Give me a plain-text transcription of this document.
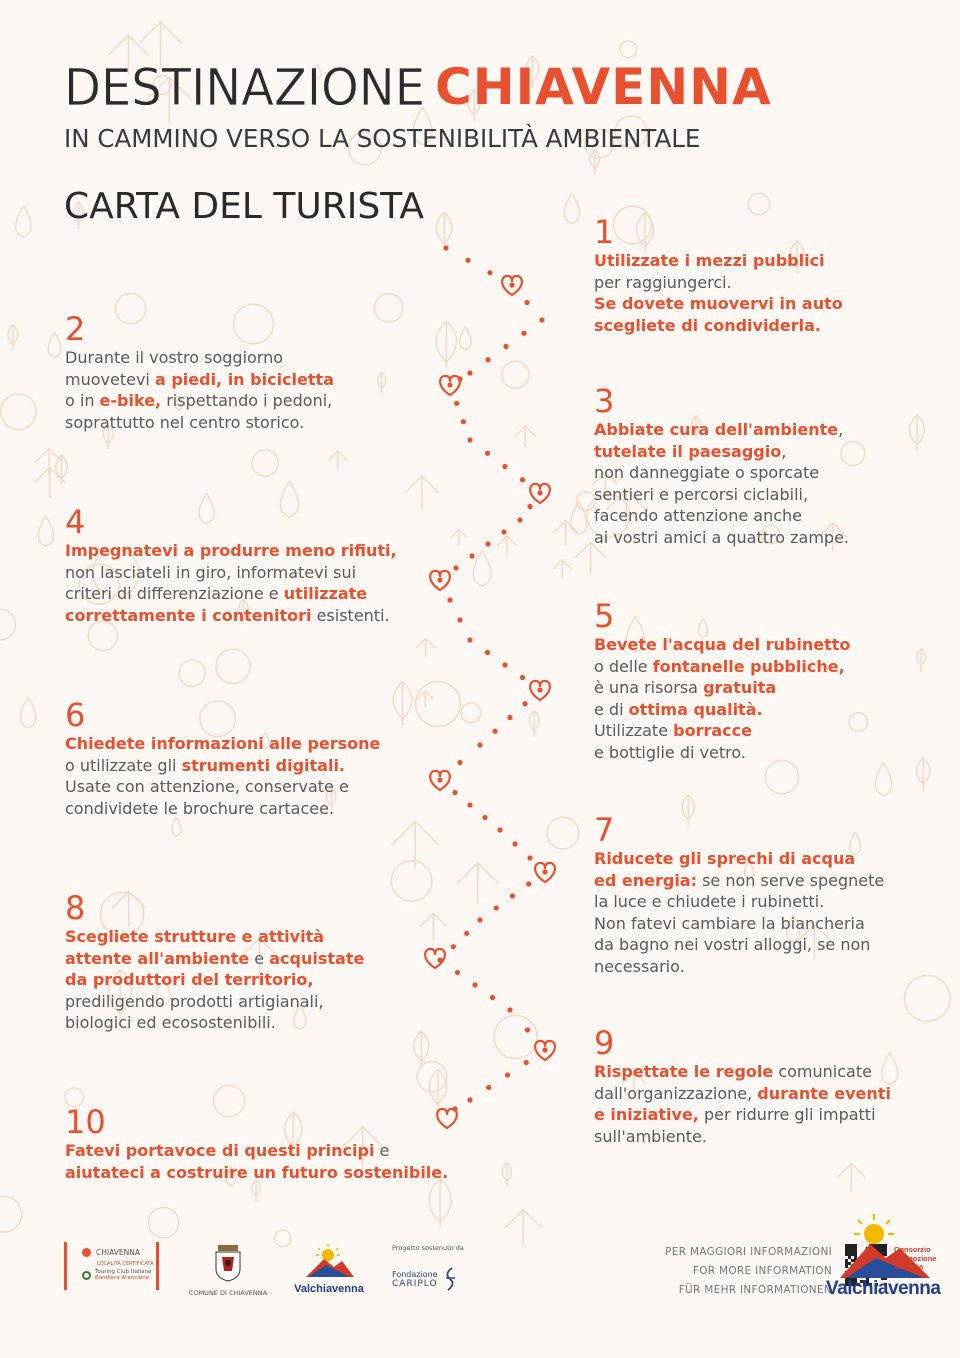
DESTINAZIONE CHIAVENNA
IN CAMMINO VERSO LA SOSTENIBILITÀ AMBIENTALE
CARTA DEL TURISTA
1
Utilizzate i mezzi pubblici
per raggiungerci.
Se dovete muovervi in auto
scegliete di condividerla.
2
Durante il vostro soggiorno
muovetevi a piedi, in bicicletta
o in e-bike, rispettando i pedoni,
soprattutto nel centro storico.
3
Abbiate cura dell'ambiente,
tutelate il paesaggio,
non danneggiate o sporcate
sentieri e percorsi ciclabili,
facendo attenzione anche
ai vostri amici a quattro zampe.
4
Impegnatevi a produrre meno rifiuti,
non lasciateli in giro, informatevi sui
criteri di differenziazione e utilizzate
correttamente i contenitori esistenti.	5
Bevete l'acqua del rubinetto
o delle fontanelle pubbliche,
è una risorsa gratuita
e di ottima qualità.
Utilizzate borracce
e bottiglie di vetro.
6
Chiedete informazioni alle persone
o utilizzate gli strumenti digitali.
Usate con attenzione, conservate e
condividete le brochure cartacee.
7
Riducete gli sprechi di acqua
ed energia: se non serve spegnete
la luce e chiudete i rubinetti.
Non fatevi cambiare la biancheria
da bagno nei vostri alloggi, se non
necessario.
8
Scegliete strutture e attività
attente all'ambiente e acquistate
da produttori del territorio,
prediligendo prodotti artigianali,
biologici ed ecosostenibili.
9
Rispettate le regole comunicate
dall'organizzazione, durante eventi
e iniziative, per ridurre gli impatti
sull'ambiente.
10
Fatevi portavoce di questi principi e
aiutateci a costruire un futuro sostenibile.
CHIAVENNA
LOCALITÀ CERTIFICATA
Touring Club Italiano
Bandiera Arancione
COMUNE DI CHIAVENNA Valchiavenna
Progetto sostenuto da
Fondazione
CARIPLO
PER MAGGIORI INFORMAZIONI
FOR MORE INFORMATION
FÜR MEHR INFORMATIONEN
Consorzio promozione turistica
Valchiavenna
